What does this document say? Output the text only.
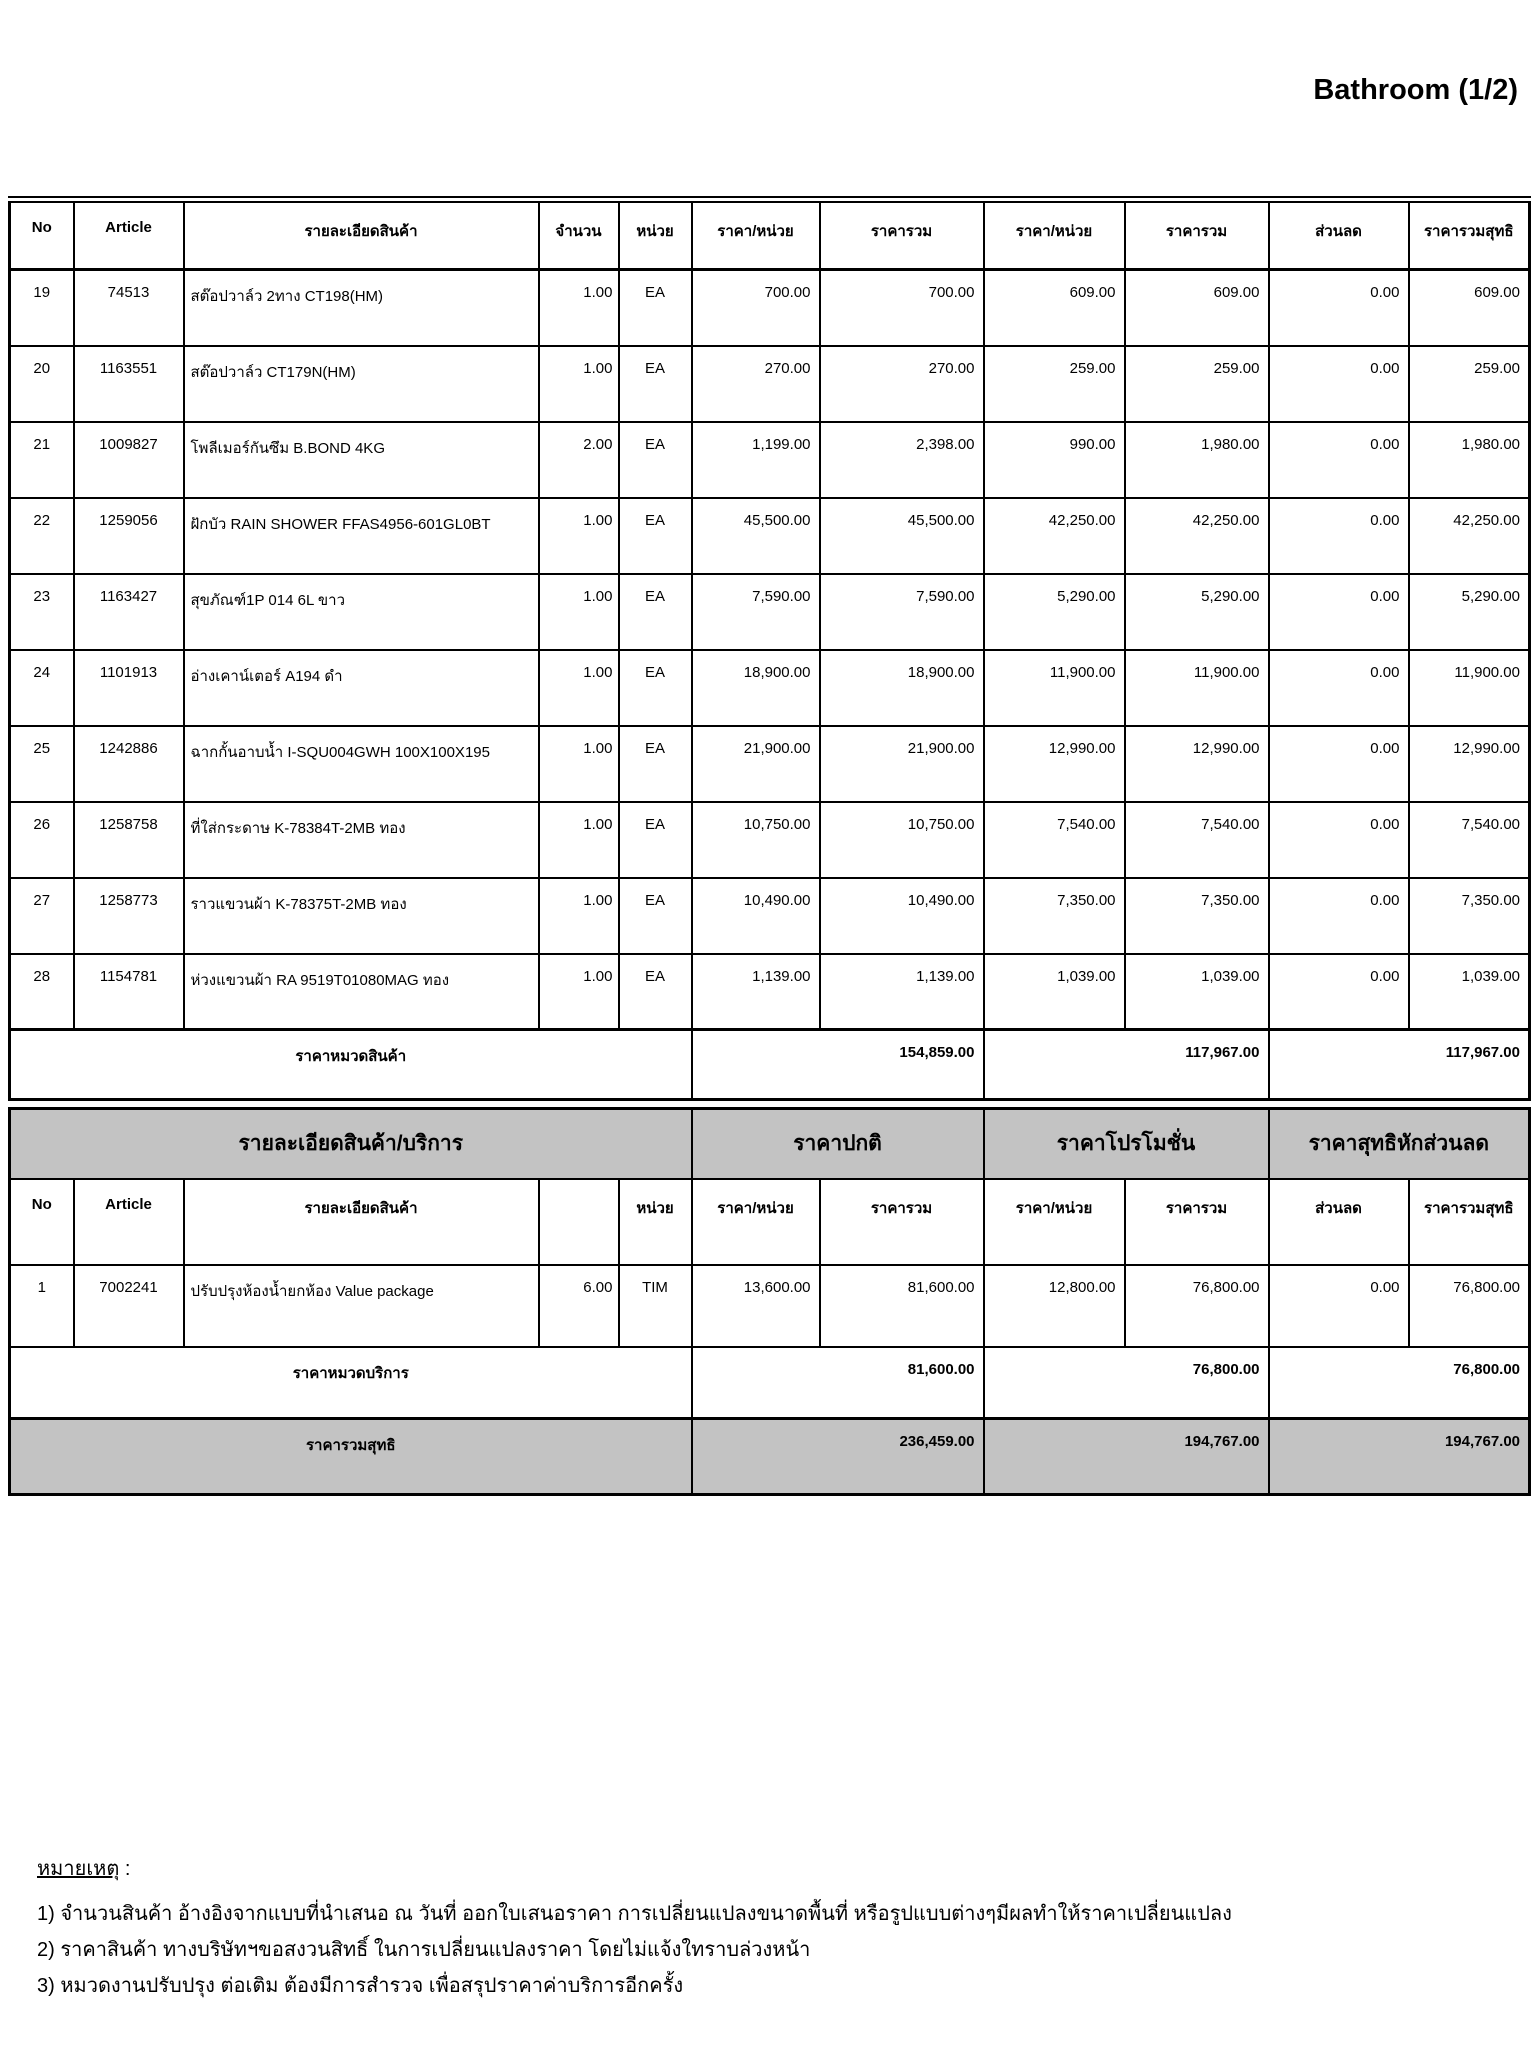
Bathroom (1/2)
No	Article	รายละเอียดสินค้า	จำนวน	หน่วย	ราคา/หน่วย	ราคารวม	ราคา/หน่วย	ราคารวม	ส่วนลด	ราคารวมสุทธิ
19	74513	สต๊อปวาล์ว 2ทาง CT198(HM)	1.00	EA	700.00	700.00	609.00	609.00	0.00	609.00
20	1163551	สต๊อปวาล์ว CT179N(HM)	1.00	EA	270.00	270.00	259.00	259.00	0.00	259.00
21	1009827	โพลีเมอร์กันซึม B.BOND 4KG	2.00	EA	1,199.00	2,398.00	990.00	1,980.00	0.00	1,980.00
22	1259056	ฝักบัว RAIN SHOWER FFAS4956-601GL0BT	1.00	EA	45,500.00	45,500.00	42,250.00	42,250.00	0.00	42,250.00
23	1163427	สุขภัณฑ์1P 014 6L ขาว	1.00	EA	7,590.00	7,590.00	5,290.00	5,290.00	0.00	5,290.00
24	1101913	อ่างเคาน์เตอร์ A194 ดำ	1.00	EA	18,900.00	18,900.00	11,900.00	11,900.00	0.00	11,900.00
25	1242886	ฉากกั้นอาบน้ำ I-SQU004GWH 100X100X195	1.00	EA	21,900.00	21,900.00	12,990.00	12,990.00	0.00	12,990.00
26	1258758	ที่ใส่กระดาษ K-78384T-2MB ทอง	1.00	EA	10,750.00	10,750.00	7,540.00	7,540.00	0.00	7,540.00
27	1258773	ราวแขวนผ้า K-78375T-2MB ทอง	1.00	EA	10,490.00	10,490.00	7,350.00	7,350.00	0.00	7,350.00
28	1154781	ห่วงแขวนผ้า RA 9519T01080MAG ทอง	1.00	EA	1,139.00	1,139.00	1,039.00	1,039.00	0.00	1,039.00
ราคาหมวดสินค้า					154,859.00		117,967.00		117,967.00	
รายละเอียดสินค้า/บริการ					ราคาปกติ		ราคาโปรโมชั่น		ราคาสุทธิหักส่วนลด	
No	Article	รายละเอียดสินค้า		หน่วย	ราคา/หน่วย	ราคารวม	ราคา/หน่วย	ราคารวม	ส่วนลด	ราคารวมสุทธิ
1	7002241	ปรับปรุงห้องน้ำยกห้อง Value package	6.00	TIM	13,600.00	81,600.00	12,800.00	76,800.00	0.00	76,800.00
ราคาหมวดบริการ					81,600.00		76,800.00		76,800.00	
ราคารวมสุทธิ					236,459.00		194,767.00		194,767.00	
หมายเหตุ :
1) จำนวนสินค้า อ้างอิงจากแบบที่นำเสนอ ณ วันที่ ออกใบเสนอราคา การเปลี่ยนแปลงขนาดพื้นที่ หรือรูปแบบต่างๆมีผลทำให้ราคาเปลี่ยนแปลง
2) ราคาสินค้า ทางบริษัทฯขอสงวนสิทธิ์ ในการเปลี่ยนแปลงราคา โดยไม่แจ้งใทราบล่วงหน้า
3) หมวดงานปรับปรุง ต่อเติม ต้องมีการสำรวจ เพื่อสรุปราคาค่าบริการอีกครั้ง
